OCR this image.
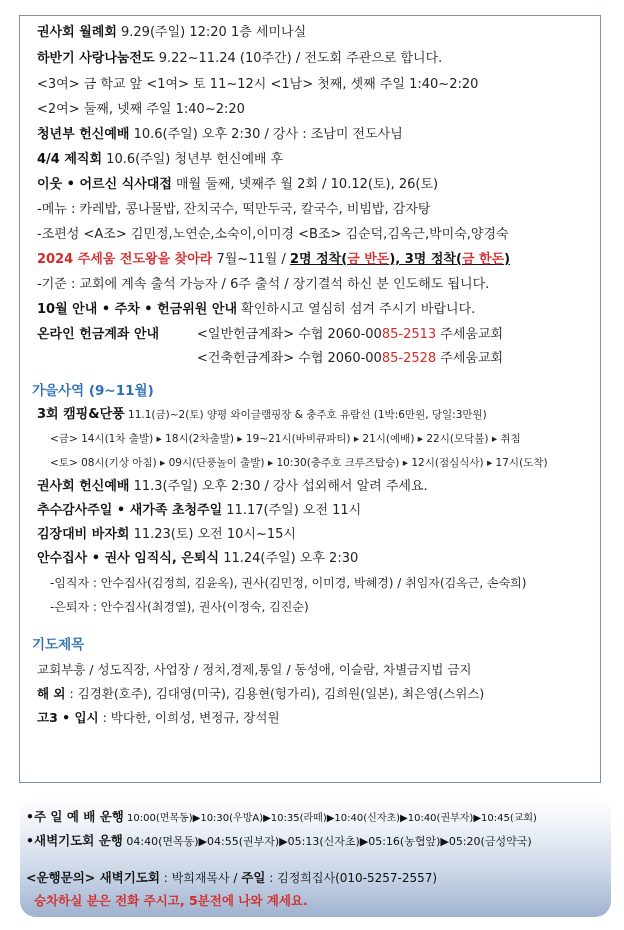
권사회 월례회 9.29(주일) 12:20 1층 세미나실
하반기 사랑나눔전도 9.22~11.24 (10주간) / 전도회 주관으로 합니다.
<3여> 금 학교 앞 <1여> 토 11~12시 <1남> 첫째, 셋째 주일 1:40~2:20
<2여> 둘째, 넷째 주일 1:40~2:20
청년부 헌신예배 10.6(주일) 오후 2:30 / 강사 : 조남미 전도사님
4/4 제직회 10.6(주일) 청년부 헌신예배 후
이웃 • 어르신 식사대접 매월 둘째, 넷째주 월 2회 / 10.12(토), 26(토)
-메뉴 : 카레밥, 콩나물밥, 잔치국수, 떡만두국, 칼국수, 비빔밥, 감자탕
-조편성 <A조> 김민정,노연순,소숙이,이미경 <B조> 김순덕,김옥근,박미숙,양경숙
2024 주세움 전도왕을 찾아라 7월~11월 / 2명 정착(금 반돈), 3명 정착(금 한돈)
-기준 : 교회에 계속 출석 가능자 / 6주 출석 / 장기결석 하신 분 인도해도 됩니다.
10월 안내 • 주차 • 헌금위원 안내 확인하시고 열심히 섬겨 주시기 바랍니다.
온라인 헌금계좌 안내	<일반헌금계좌> 수협 2060-0085-2513 주세움교회
<건축헌금계좌> 수협 2060-0085-2528 주세움교회
가을사역 (9~11월)
3회 캠핑&단풍 11.1(금)~2(토) 양평 와이글램핑장 & 충주호 유람선 (1박:6만원, 당일:3만원)
<금> 14시(1차 출발) ▸ 18시(2차출발) ▸ 19~21시(바비큐파티) ▸ 21시(예배) ▸ 22시(모닥불) ▸ 취침
<토> 08시(기상 아침) ▸ 09시(단풍놀이 출발) ▸ 10:30(충주호 크루즈탑승) ▸ 12시(점심식사) ▸ 17시(도착)
권사회 헌신예배 11.3(주일) 오후 2:30 / 강사 섭외해서 알려 주세요.
추수감사주일 • 새가족 초청주일 11.17(주일) 오전 11시
김장대비 바자회 11.23(토) 오전 10시~15시
안수집사 • 권사 임직식, 은퇴식 11.24(주일) 오후 2:30
-임직자 : 안수집사(김정희, 김윤옥), 권사(김민정, 이미경, 박혜경) / 취임자(김옥근, 손숙희)
-은퇴자 : 안수집사(최경열), 권사(이정숙, 김진순)
기도제목
교회부흥 / 성도직장, 사업장 / 정치,경제,통일 / 동성애, 이슬람, 차별금지법 금지
해 외 : 김경환(호주), 김대영(미국), 김용현(헝가리), 김희원(일본), 최은영(스위스)
고3 • 입시 : 박다한, 이희성, 변정규, 장석원
•주 일 예 배 운행 10:00(면목동)▶10:30(우방A)▶10:35(라떼)▶10:40(신자초)▶10:40(권부자)▶10:45(교회)
•새벽기도회 운행 04:40(면목동)▶04:55(권부자)▶05:13(신자초)▶05:16(농협앞)▶05:20(금성약국)
<운행문의> 새벽기도회 : 박희재목사 / 주일 : 김정희집사(010-5257-2557)
승차하실 분은 전화 주시고, 5분전에 나와 계세요.
